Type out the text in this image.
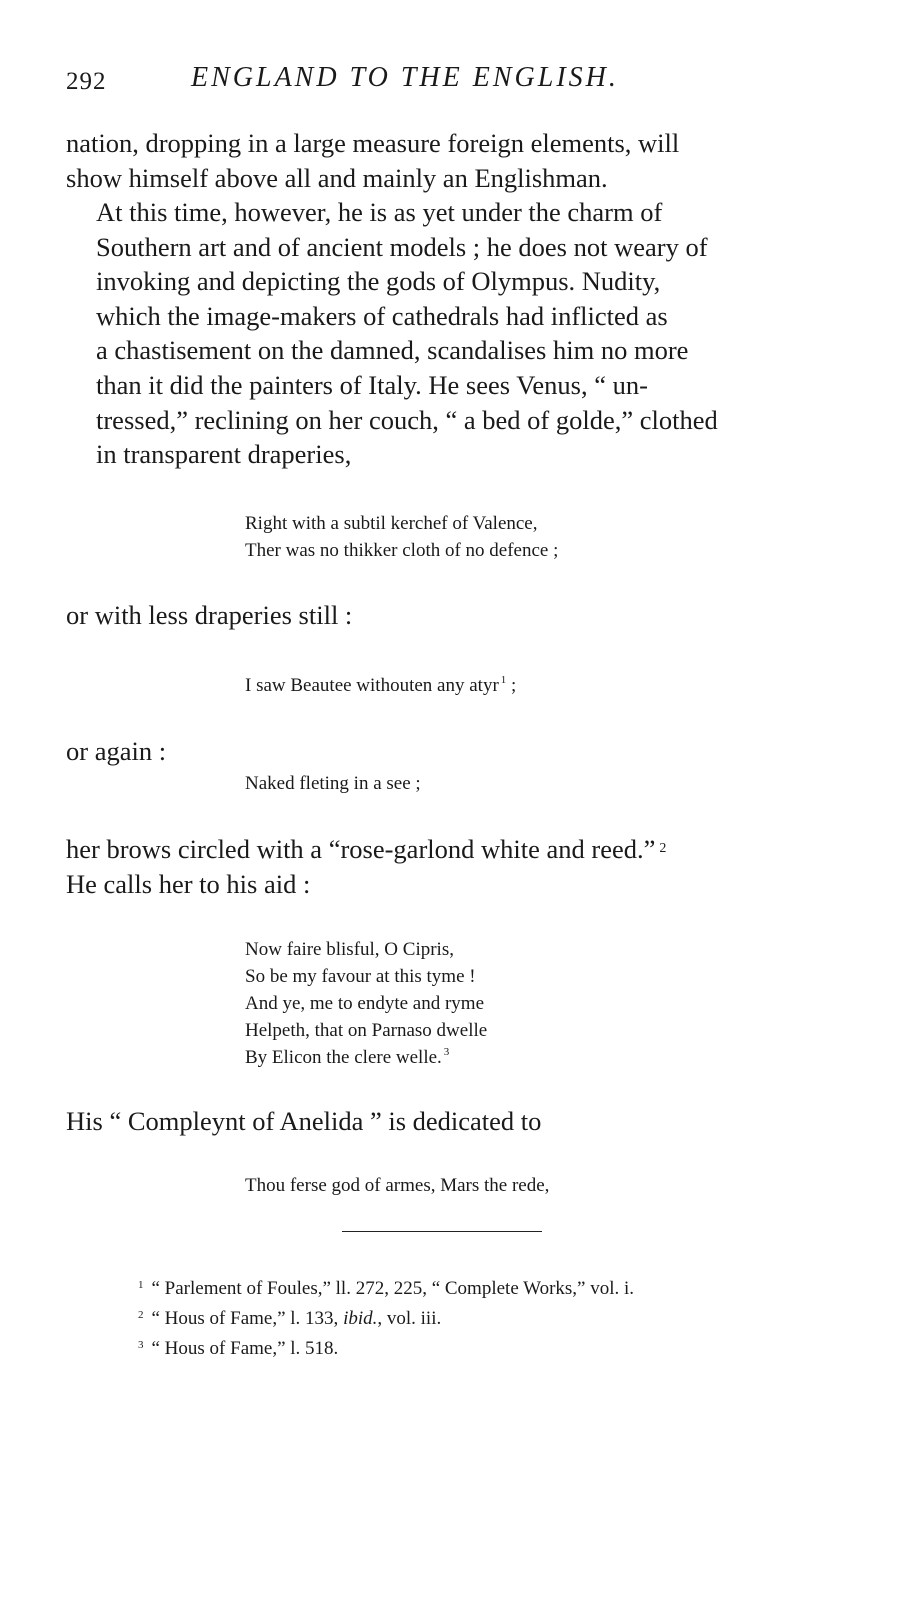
292	ENGLAND TO THE ENGLISH.

nation, dropping in a large measure foreign elements, will
show himself above all and mainly an Englishman.

At this time, however, he is as yet under the charm of
Southern art and of ancient models ; he does not weary of
invoking and depicting the gods of Olympus. Nudity,
which the image-makers of cathedrals had inflicted as
a chastisement on the damned, scandalises him no more
than it did the painters of Italy. He sees Venus, “ un-
tressed,” reclining on her couch, “ a bed of golde,” clothed
in transparent draperies,

Right with a subtil kerchef of Valence,
Ther was no thikker cloth of no defence ;

or with less draperies still :

I saw Beautee withouten any atyr $^1$ ;

or again :

Naked fleting in a see ;

her brows circled with a “rose-garlond white and reed.” $^2$
He calls her to his aid :

Now faire blisful, O Cipris,
So be my favour at this tyme !
And ye, me to endyte and ryme
Helpeth, that on Parnaso dwelle
By Elicon the clere welle. $^3$

His “ Compleynt of Anelida ” is dedicated to

Thou ferse god of armes, Mars the rede,

$^1$ “ Parlement of Foules,” ll. 272, 225, “ Complete Works,” vol. i.
$^2$ “ Hous of Fame,” l. 133, ibid., vol. iii.
$^3$ “ Hous of Fame,” l. 518.
